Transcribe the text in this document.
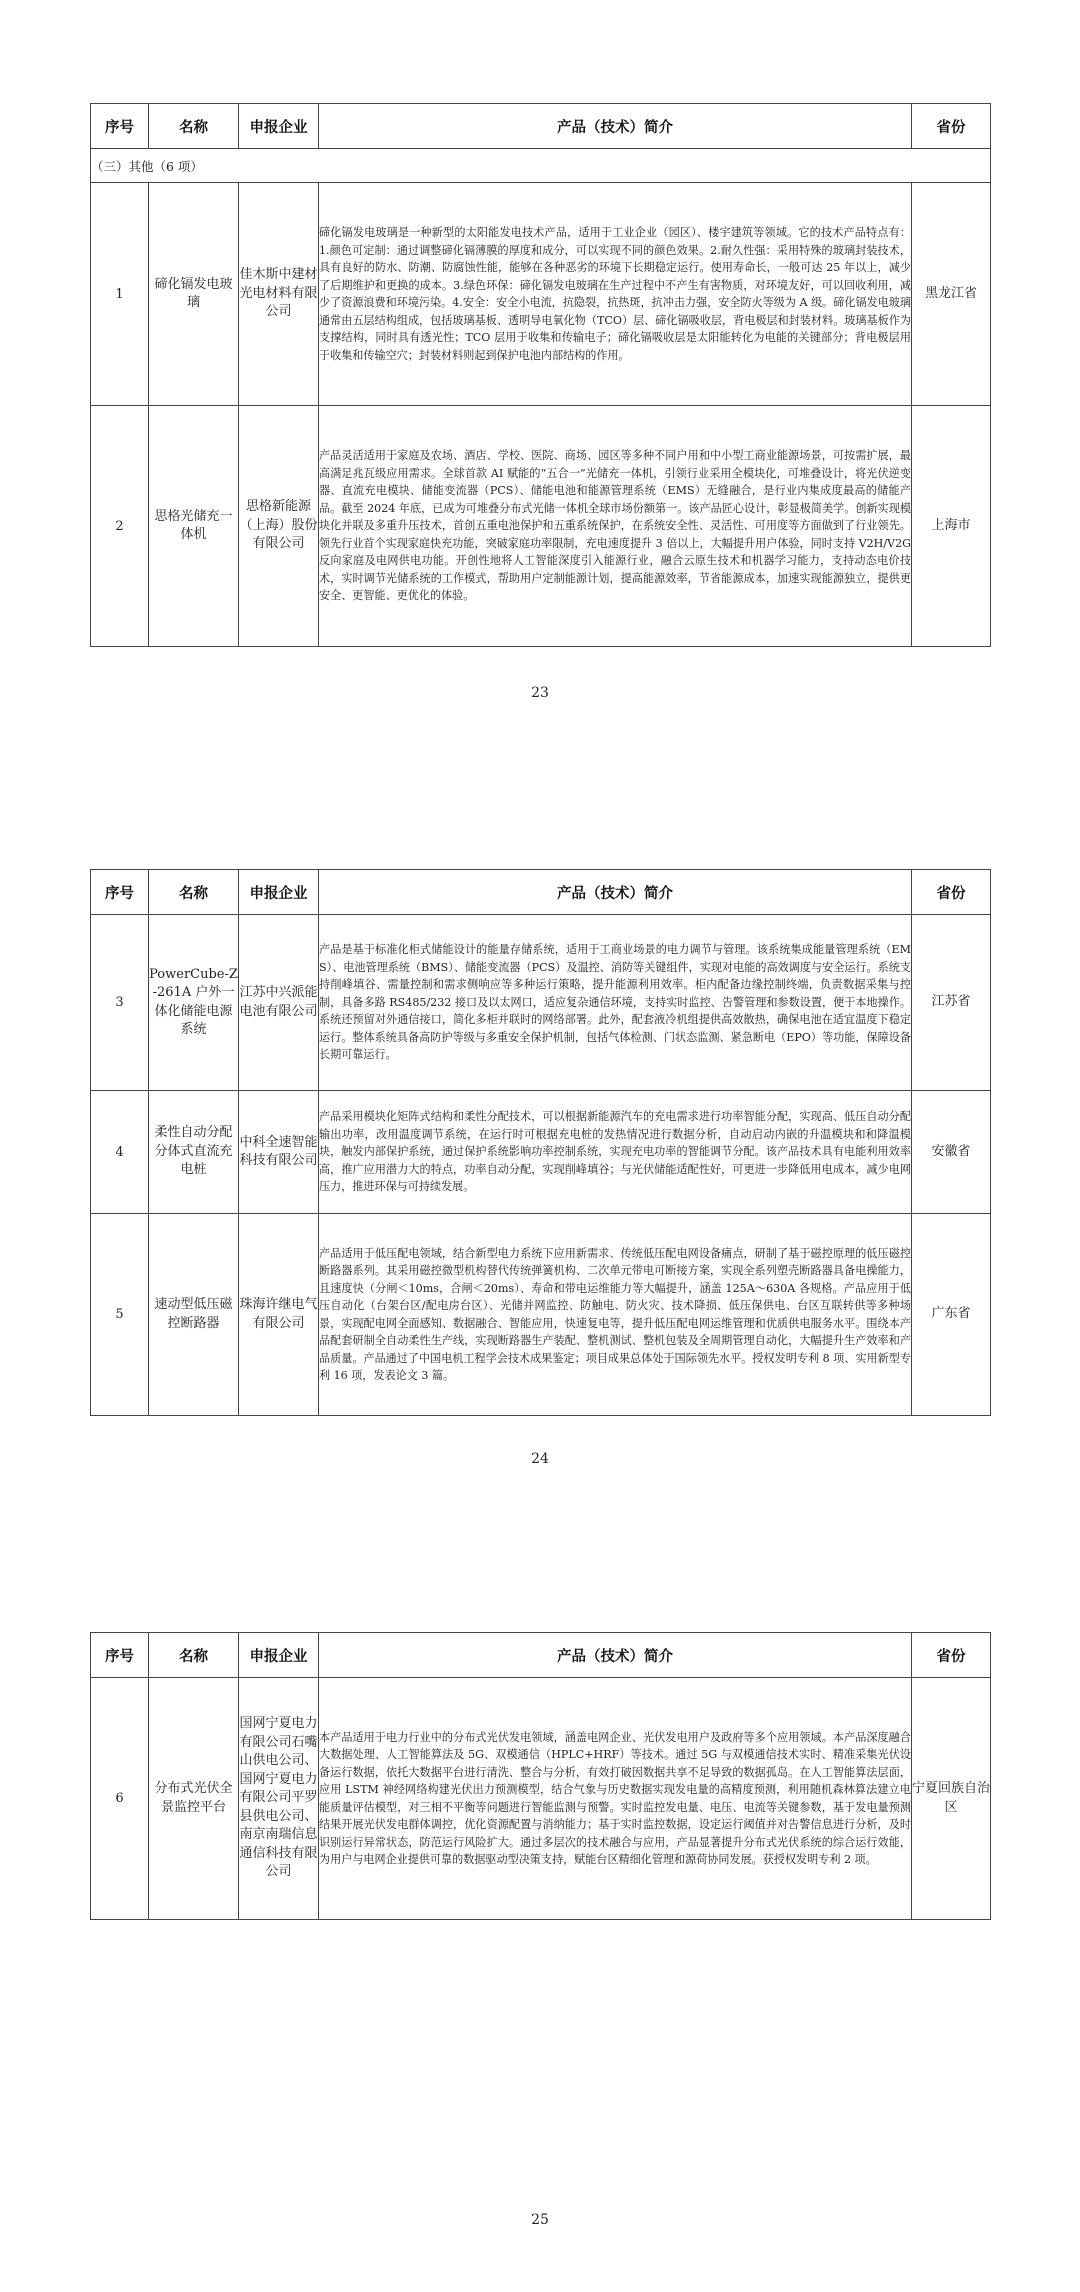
序号	名称	申报企业	产品（技术）简介	省份
（三）其他（6 项）				
1	碲化镉发电玻璃	佳木斯中建材光电材料有限公司	碲化镉发电玻璃是一种新型的太阳能发电技术产品，适用于工业企业（园区）、楼宇建筑等领域。它的技术产品特点有：1.颜色可定制：通过调整碲化镉薄膜的厚度和成分，可以实现不同的颜色效果。2.耐久性强：采用特殊的玻璃封装技术，具有良好的防水、防潮、防腐蚀性能，能够在各种恶劣的环境下长期稳定运行。使用寿命长，一般可达 25 年以上，减少了后期维护和更换的成本。3.绿色环保：碲化镉发电玻璃在生产过程中不产生有害物质，对环境友好，可以回收利用，减少了资源浪费和环境污染。4.安全：安全小电流，抗隐裂，抗热斑，抗冲击力强，安全防火等级为 A 级。碲化镉发电玻璃通常由五层结构组成，包括玻璃基板、透明导电氧化物（TCO）层、碲化镉吸收层，背电极层和封装材料。玻璃基板作为支撑结构，同时具有透光性；TCO 层用于收集和传输电子；碲化镉吸收层是太阳能转化为电能的关键部分；背电极层用于收集和传输空穴；封装材料则起到保护电池内部结构的作用。	黑龙江省
2	思格光储充一体机	思格新能源（上海）股份有限公司	产品灵活适用于家庭及农场、酒店、学校、医院、商场、园区等多种不同户用和中小型工商业能源场景，可按需扩展，最高满足兆瓦级应用需求。全球首款 AI 赋能的“五合一”光储充一体机，引领行业采用全模块化，可堆叠设计，将光伏逆变器、直流充电模块、储能变流器（PCS）、储能电池和能源管理系统（EMS）无缝融合，是行业内集成度最高的储能产品。截至 2024 年底，已成为可堆叠分布式光储一体机全球市场份额第一。该产品匠心设计，彰显极简美学。创新实现模块化并联及多重升压技术，首创五重电池保护和五重系统保护，在系统安全性、灵活性、可用度等方面做到了行业领先。领先行业首个实现家庭快充功能，突破家庭功率限制，充电速度提升 3 倍以上，大幅提升用户体验，同时支持 V2H/V2G 反向家庭及电网供电功能。开创性地将人工智能深度引入能源行业，融合云原生技术和机器学习能力，支持动态电价技术，实时调节光储系统的工作模式，帮助用户定制能源计划，提高能源效率，节省能源成本，加速实现能源独立，提供更安全、更智能、更优化的体验。	上海市
23
序号	名称	申报企业	产品（技术）简介	省份
3	PowerCube-Z-261A 户外一体化储能电源系统	江苏中兴派能电池有限公司	产品是基于标准化柜式储能设计的能量存储系统，适用于工商业场景的电力调节与管理。该系统集成能量管理系统（EMS）、电池管理系统（BMS）、储能变流器（PCS）及温控、消防等关键组件，实现对电能的高效调度与安全运行。系统支持削峰填谷、需量控制和需求侧响应等多种运行策略，提升能源利用效率。柜内配备边缘控制终端，负责数据采集与控制，具备多路 RS485/232 接口及以太网口，适应复杂通信环境，支持实时监控、告警管理和参数设置，便于本地操作。系统还预留对外通信接口，简化多柜并联时的网络部署。此外，配套液冷机组提供高效散热，确保电池在适宜温度下稳定运行。整体系统具备高防护等级与多重安全保护机制，包括气体检测、门状态监测、紧急断电（EPO）等功能，保障设备长期可靠运行。	江苏省
4	柔性自动分配分体式直流充电桩	中科全速智能科技有限公司	产品采用模块化矩阵式结构和柔性分配技术，可以根据新能源汽车的充电需求进行功率智能分配，实现高、低压自动分配输出功率，改用温度调节系统，在运行时可根据充电桩的发热情况进行数据分析，自动启动内嵌的升温模块和和降温模块，触发内部保护系统，通过保护系统影响功率控制系统，实现充电功率的智能调节分配。该产品技术具有电能利用效率高，推广应用潜力大的特点，功率自动分配，实现削峰填谷；与光伏储能适配性好，可更进一步降低用电成本，减少电网压力，推进环保与可持续发展。	安徽省
5	速动型低压磁控断路器	珠海许继电气有限公司	产品适用于低压配电领域，结合新型电力系统下应用新需求、传统低压配电网设备痛点，研制了基于磁控原理的低压磁控断路器系列。其采用磁控微型机构替代传统弹簧机构、二次单元带电可断接方案，实现全系列塑壳断路器具备电操能力，且速度快（分闸＜10ms，合闸＜20ms）、寿命和带电运维能力等大幅提升，涵盖 125A～630A 各规格。产品应用于低压自动化（台架台区/配电房台区）、光储并网监控、防触电、防火灾、技术降损、低压保供电、台区互联转供等多种场景，实现配电网全面感知、数据融合、智能应用，快速复电等，提升低压配电网运维管理和优质供电服务水平。围绕本产品配套研制全自动柔性生产线，实现断路器生产装配、整机测试、整机包装及全周期管理自动化，大幅提升生产效率和产品质量。产品通过了中国电机工程学会技术成果鉴定；项目成果总体处于国际领先水平。授权发明专利 8 项、实用新型专利 16 项，发表论文 3 篇。	广东省
24
序号	名称	申报企业	产品（技术）简介	省份
6	分布式光伏全景监控平台	国网宁夏电力有限公司石嘴山供电公司、国网宁夏电力有限公司平罗县供电公司、南京南瑞信息通信科技有限公司	本产品适用于电力行业中的分布式光伏发电领域，涵盖电网企业、光伏发电用户及政府等多个应用领域。本产品深度融合大数据处理、人工智能算法及 5G、双模通信（HPLC+HRF）等技术。通过 5G 与双模通信技术实时、精准采集光伏设备运行数据，依托大数据平台进行清洗、整合与分析，有效打破因数据共享不足导致的数据孤岛。在人工智能算法层面，应用 LSTM 神经网络构建光伏出力预测模型，结合气象与历史数据实现发电量的高精度预测，利用随机森林算法建立电能质量评估模型，对三相不平衡等问题进行智能监测与预警。实时监控发电量、电压、电流等关键参数，基于发电量预测结果开展光伏发电群体调控，优化资源配置与消纳能力；基于实时监控数据，设定运行阈值并对告警信息进行分析，及时识别运行异常状态，防范运行风险扩大。通过多层次的技术融合与应用，产品显著提升分布式光伏系统的综合运行效能，为用户与电网企业提供可靠的数据驱动型决策支持，赋能台区精细化管理和源荷协同发展。获授权发明专利 2 项。	宁夏回族自治区
25
